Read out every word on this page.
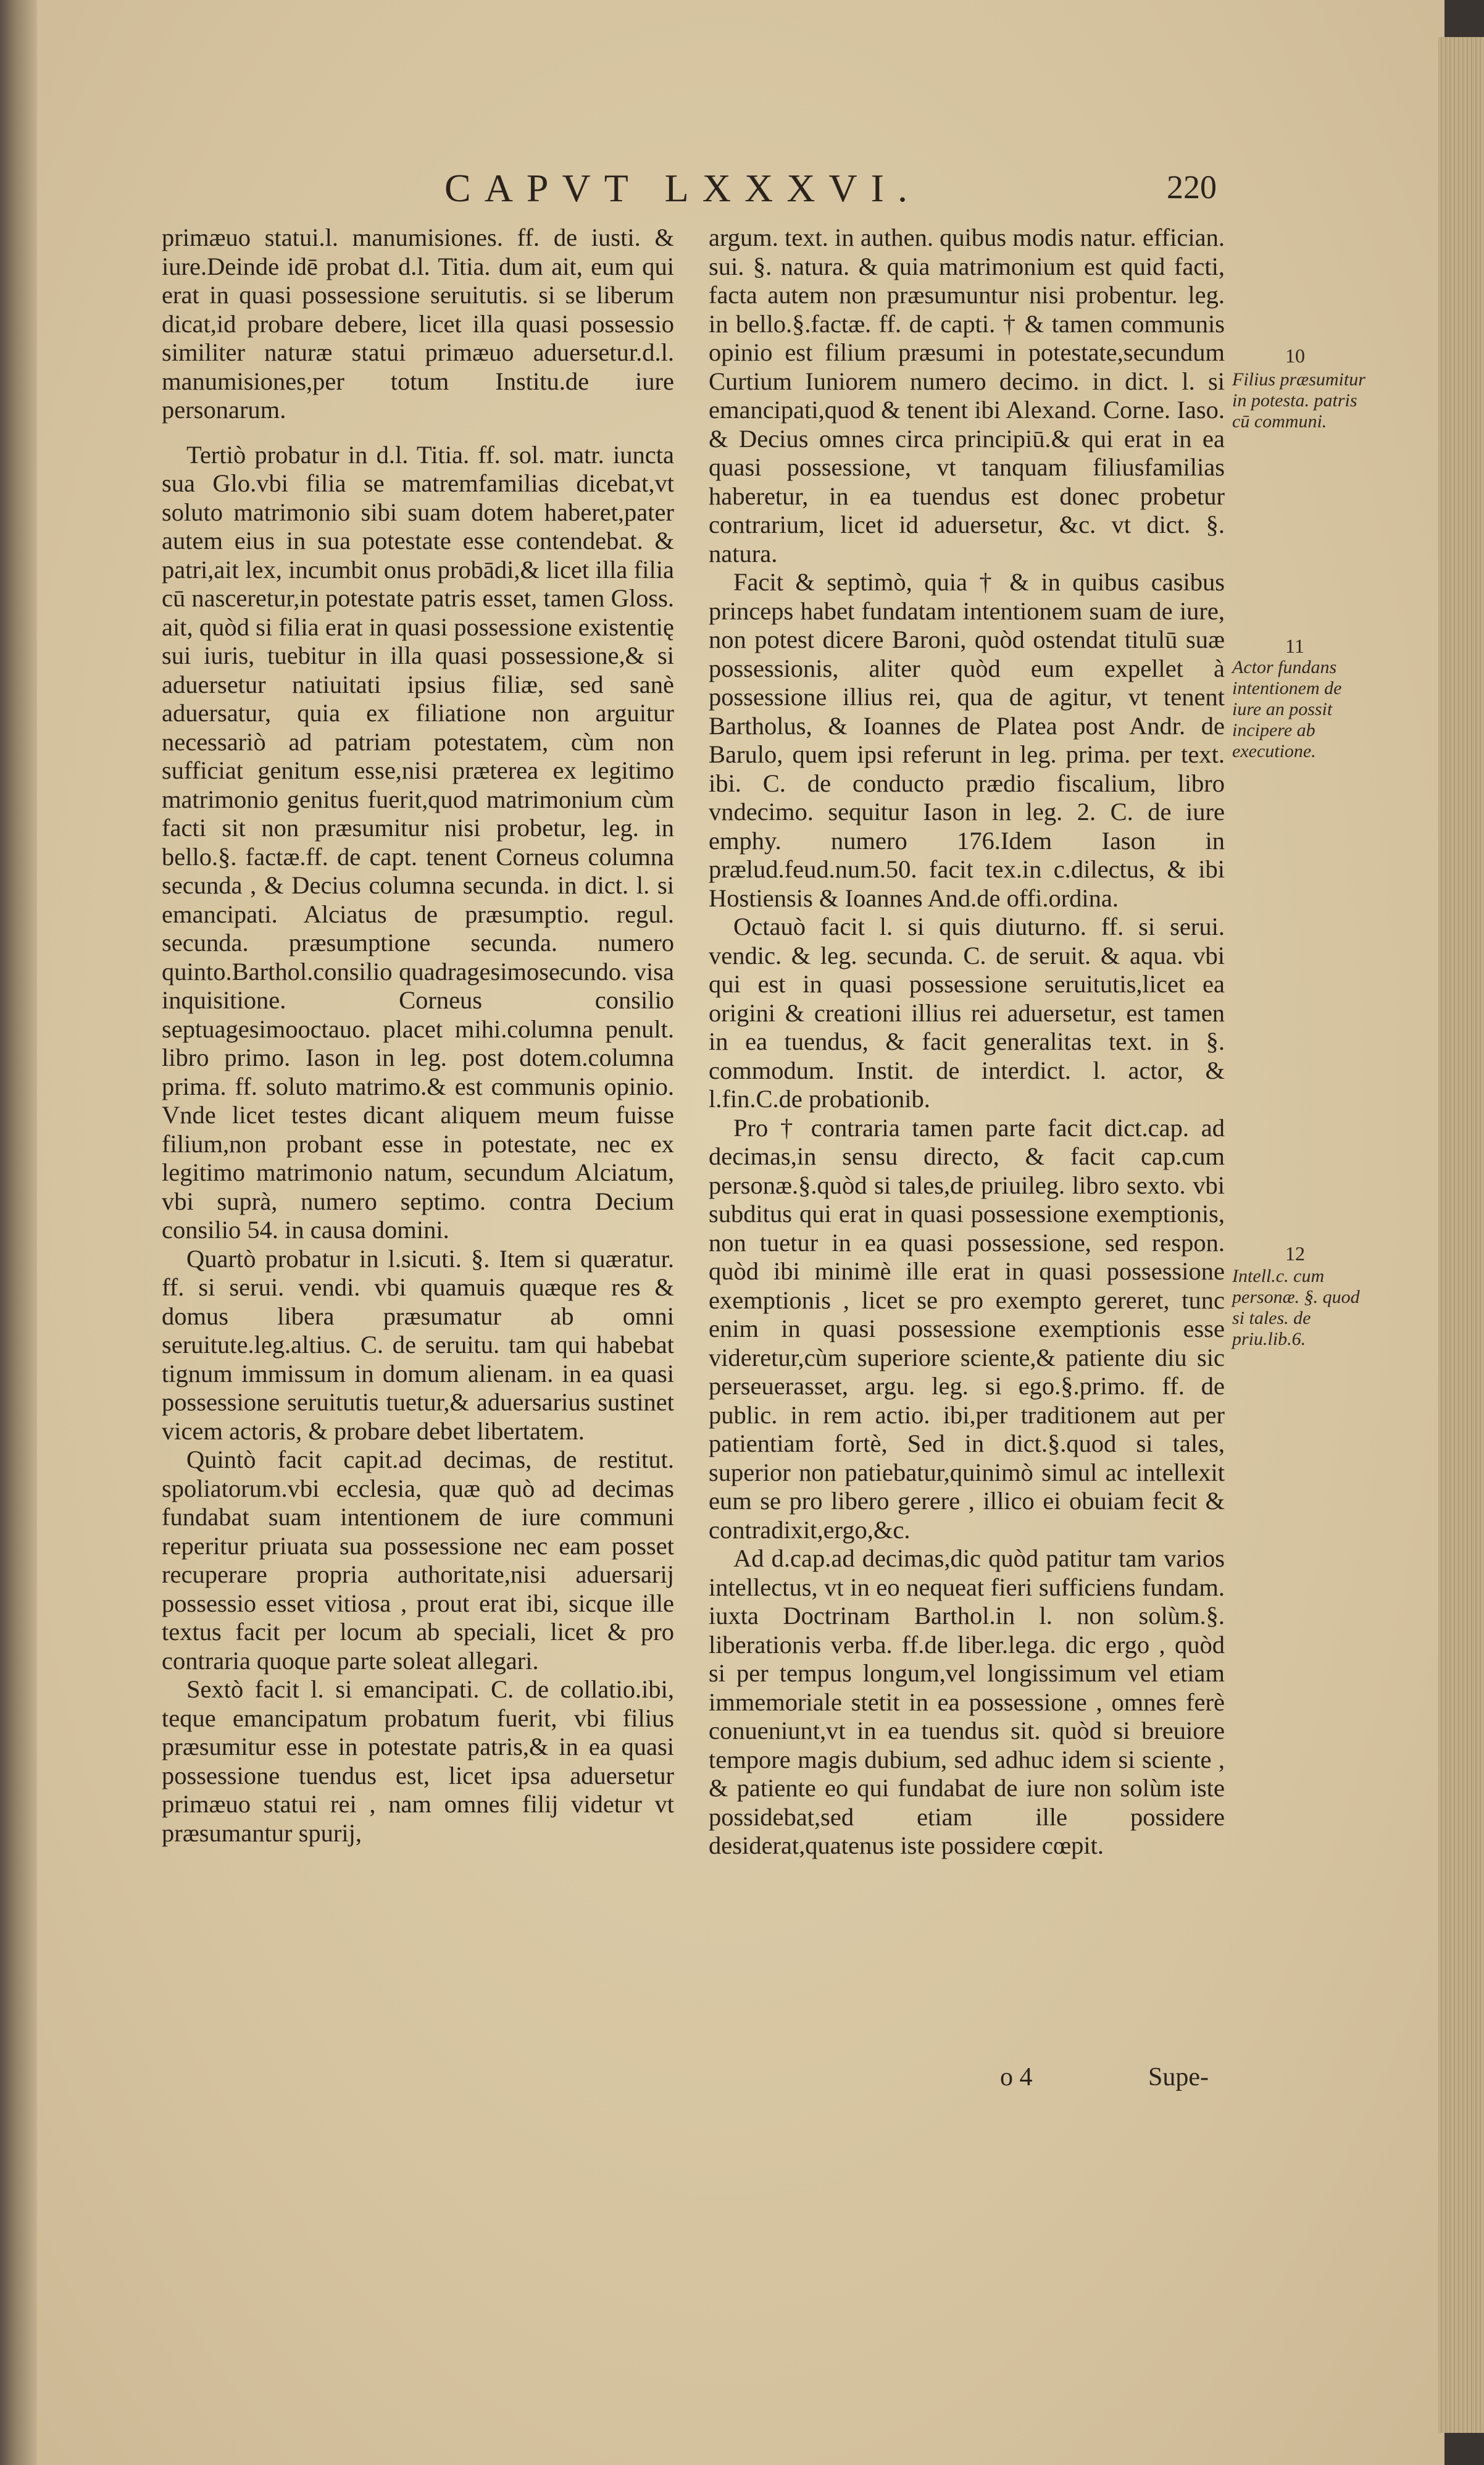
CAPVT LXXXVI.	220

primæuo statui.l. manumisiones. ff. de iusti. & iure.Deinde idē probat d.l. Titia. dum ait, eum qui erat in quasi possessione seruitutis. si se liberum dicat,id probare debere, licet illa quasi possessio similiter naturæ statui primæuo aduersetur.d.l. manumisiones,per totum Institu.de iure personarum.

Tertiò probatur in d.l. Titia. ff. sol. matr. iuncta sua Glo.vbi filia se matremfamilias dicebat,vt soluto matrimonio sibi suam dotem haberet,pater autem eius in sua potestate esse contendebat. & patri,ait lex, incumbit onus probādi,& licet illa filia cū nasceretur,in potestate patris esset, tamen Gloss. ait, quòd si filia erat in quasi possessione existentię sui iuris, tuebitur in illa quasi possessione,& si aduersetur natiuitati ipsius filiæ, sed sanè aduersatur, quia ex filiatione non arguitur necessariò ad patriam potestatem, cùm non sufficiat genitum esse,nisi præterea ex legitimo matrimonio genitus fuerit,quod matrimonium cùm facti sit non præsumitur nisi probetur, leg. in bello.§. factæ.ff. de capt. tenent Corneus columna secunda , & Decius columna secunda. in dict. l. si emancipati. Alciatus de præsumptio. regul. secunda. præsumptione secunda. numero quinto.Barthol.consilio quadragesimosecundo. visa inquisitione. Corneus consilio septuagesimooctauo. placet mihi.columna penult. libro primo. Iason in leg. post dotem.columna prima. ff. soluto matrimo.& est communis opinio. Vnde licet testes dicant aliquem meum fuisse filium,non probant esse in potestate, nec ex legitimo matrimonio natum, secundum Alciatum, vbi suprà, numero septimo. contra Decium consilio 54. in causa domini.

Quartò probatur in l.sicuti. §. Item si quæratur. ff. si serui. vendi. vbi quamuis quæque res & domus libera præsumatur ab omni seruitute.leg.altius. C. de seruitu. tam qui habebat tignum immissum in domum alienam. in ea quasi possessione seruitutis tuetur,& aduersarius sustinet vicem actoris, & probare debet libertatem.

Quintò facit capit.ad decimas, de restitut. spoliatorum.vbi ecclesia, quæ quò ad decimas fundabat suam intentionem de iure communi reperitur priuata sua possessione nec eam posset recuperare propria authoritate,nisi aduersarij possessio esset vitiosa , prout erat ibi, sicque ille textus facit per locum ab speciali, licet & pro contraria quoque parte soleat allegari.

Sextò facit l. si emancipati. C. de collatio.ibi, teque emancipatum probatum fuerit, vbi filius præsumitur esse in potestate patris,& in ea quasi possessione tuendus est, licet ipsa aduersetur primæuo statui rei , nam omnes filij videtur vt præsumantur spurij,

argum. text. in authen. quibus modis natur. effician. sui. §. natura. & quia matrimonium est quid facti, facta autem non præsumuntur nisi probentur. leg. in bello.§.factæ. ff. de capti. † & tamen communis opinio est filium præsumi in potestate,secundum Curtium Iuniorem numero decimo. in dict. l. si emancipati,quod & tenent ibi Alexand. Corne. Iaso. & Decius omnes circa principiū.& qui erat in ea quasi possessione, vt tanquam filiusfamilias haberetur, in ea tuendus est donec probetur contrarium, licet id aduersetur, &c. vt dict. §. natura.

Facit & septimò, quia † & in quibus casibus princeps habet fundatam intentionem suam de iure, non potest dicere Baroni, quòd ostendat titulū suæ possessionis, aliter quòd eum expellet à possessione illius rei, qua de agitur, vt tenent Bartholus, & Ioannes de Platea post Andr. de Barulo, quem ipsi referunt in leg. prima. per text. ibi. C. de conducto prædio fiscalium, libro vndecimo. sequitur Iason in leg. 2. C. de iure emphy. numero 176.Idem Iason in prælud.feud.num.50. facit tex.in c.dilectus, & ibi Hostiensis & Ioannes And.de offi.ordina.

Octauò facit l. si quis diuturno. ff. si serui. vendic. & leg. secunda. C. de seruit. & aqua. vbi qui est in quasi possessione seruitutis,licet ea origini & creationi illius rei aduersetur, est tamen in ea tuendus, & facit generalitas text. in §. commodum. Instit. de interdict. l. actor, & l.fin.C.de probationib.

Pro † contraria tamen parte facit dict.cap. ad decimas,in sensu directo, & facit cap.cum personæ.§.quòd si tales,de priuileg. libro sexto. vbi subditus qui erat in quasi possessione exemptionis, non tuetur in ea quasi possessione, sed respon. quòd ibi minimè ille erat in quasi possessione exemptionis , licet se pro exempto gereret, tunc enim in quasi possessione exemptionis esse videretur,cùm superiore sciente,& patiente diu sic perseuerasset, argu. leg. si ego.§.primo. ff. de public. in rem actio. ibi,per traditionem aut per patientiam fortè, Sed in dict.§.quod si tales, superior non patiebatur,quinimò simul ac intellexit eum se pro libero gerere , illico ei obuiam fecit & contradixit,ergo,&c.

Ad d.cap.ad decimas,dic quòd patitur tam varios intellectus, vt in eo nequeat fieri sufficiens fundam. iuxta Doctrinam Barthol.in l. non solùm.§. liberationis verba. ff.de liber.lega. dic ergo , quòd si per tempus longum,vel longissimum vel etiam immemoriale stetit in ea possessione , omnes ferè conueniunt,vt in ea tuendus sit. quòd si breuiore tempore magis dubium, sed adhuc idem si sciente , & patiente eo qui fundabat de iure non solùm iste possidebat,sed etiam ille possidere desiderat,quatenus iste possidere cœpit.

10
Filius præsumitur in potesta. patris cū communi.
11
Actor fundans intentionem de iure an possit incipere ab executione.
12
Intell.c. cum personæ. §. quod si tales. de priu.lib.6.
o 4	Supe-
